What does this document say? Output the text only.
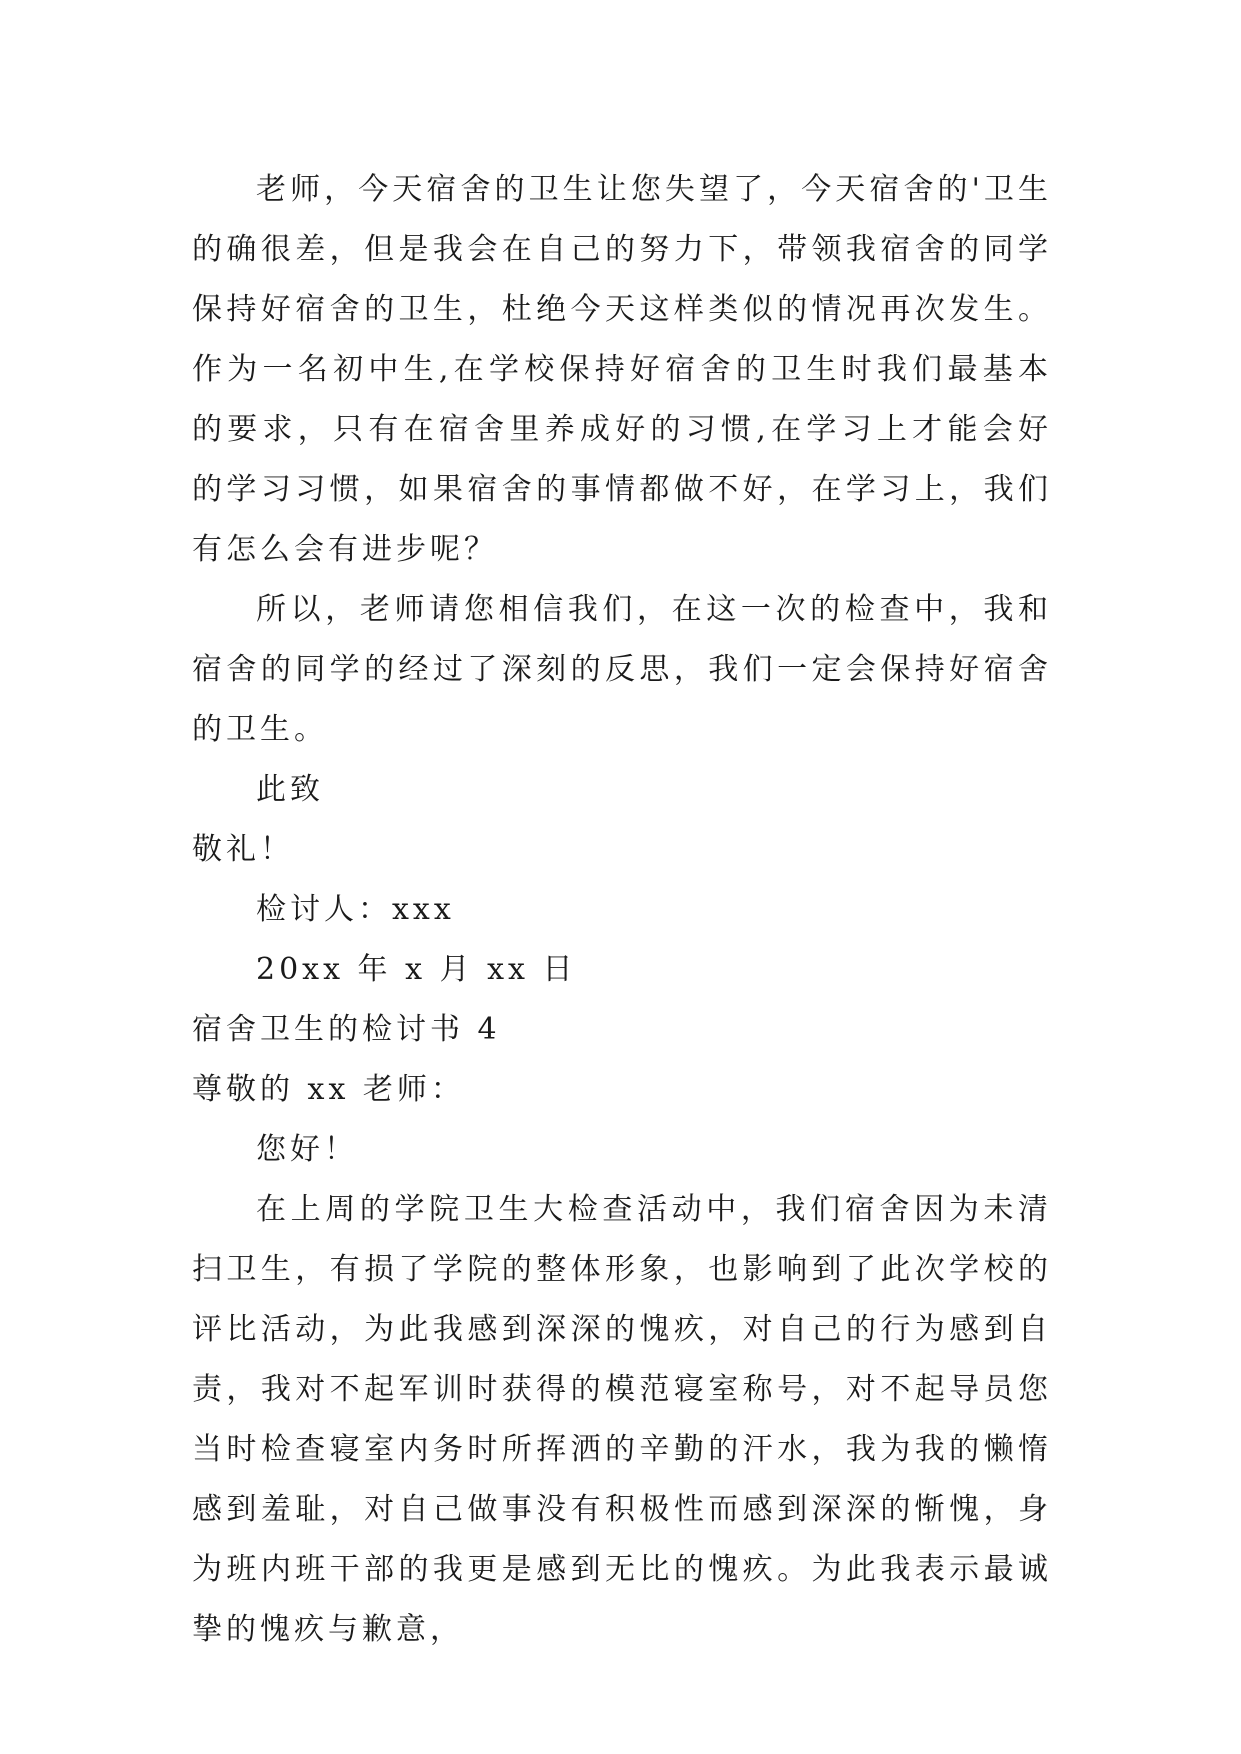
老师，今天宿舍的卫生让您失望了，今天宿舍的'卫生的确很差，但是我会在自己的努力下，带领我宿舍的同学保持好宿舍的卫生，杜绝今天这样类似的情况再次发生。作为一名初中生,在学校保持好宿舍的卫生时我们最基本的要求，只有在宿舍里养成好的习惯,在学习上才能会好的学习习惯，如果宿舍的事情都做不好，在学习上，我们有怎么会有进步呢？

所以，老师请您相信我们，在这一次的检查中，我和宿舍的同学的经过了深刻的反思，我们一定会保持好宿舍的卫生。

此致

敬礼！

检讨人：xxx

20xx 年 x 月 xx 日

宿舍卫生的检讨书 4

尊敬的 xx 老师：

您好！

在上周的学院卫生大检查活动中，我们宿舍因为未清扫卫生，有损了学院的整体形象，也影响到了此次学校的评比活动，为此我感到深深的愧疚，对自己的行为感到自责，我对不起军训时获得的模范寝室称号，对不起导员您当时检查寝室内务时所挥洒的辛勤的汗水，我为我的懒惰感到羞耻，对自己做事没有积极性而感到深深的惭愧，身为班内班干部的我更是感到无比的愧疚。为此我表示最诚挚的愧疚与歉意，
